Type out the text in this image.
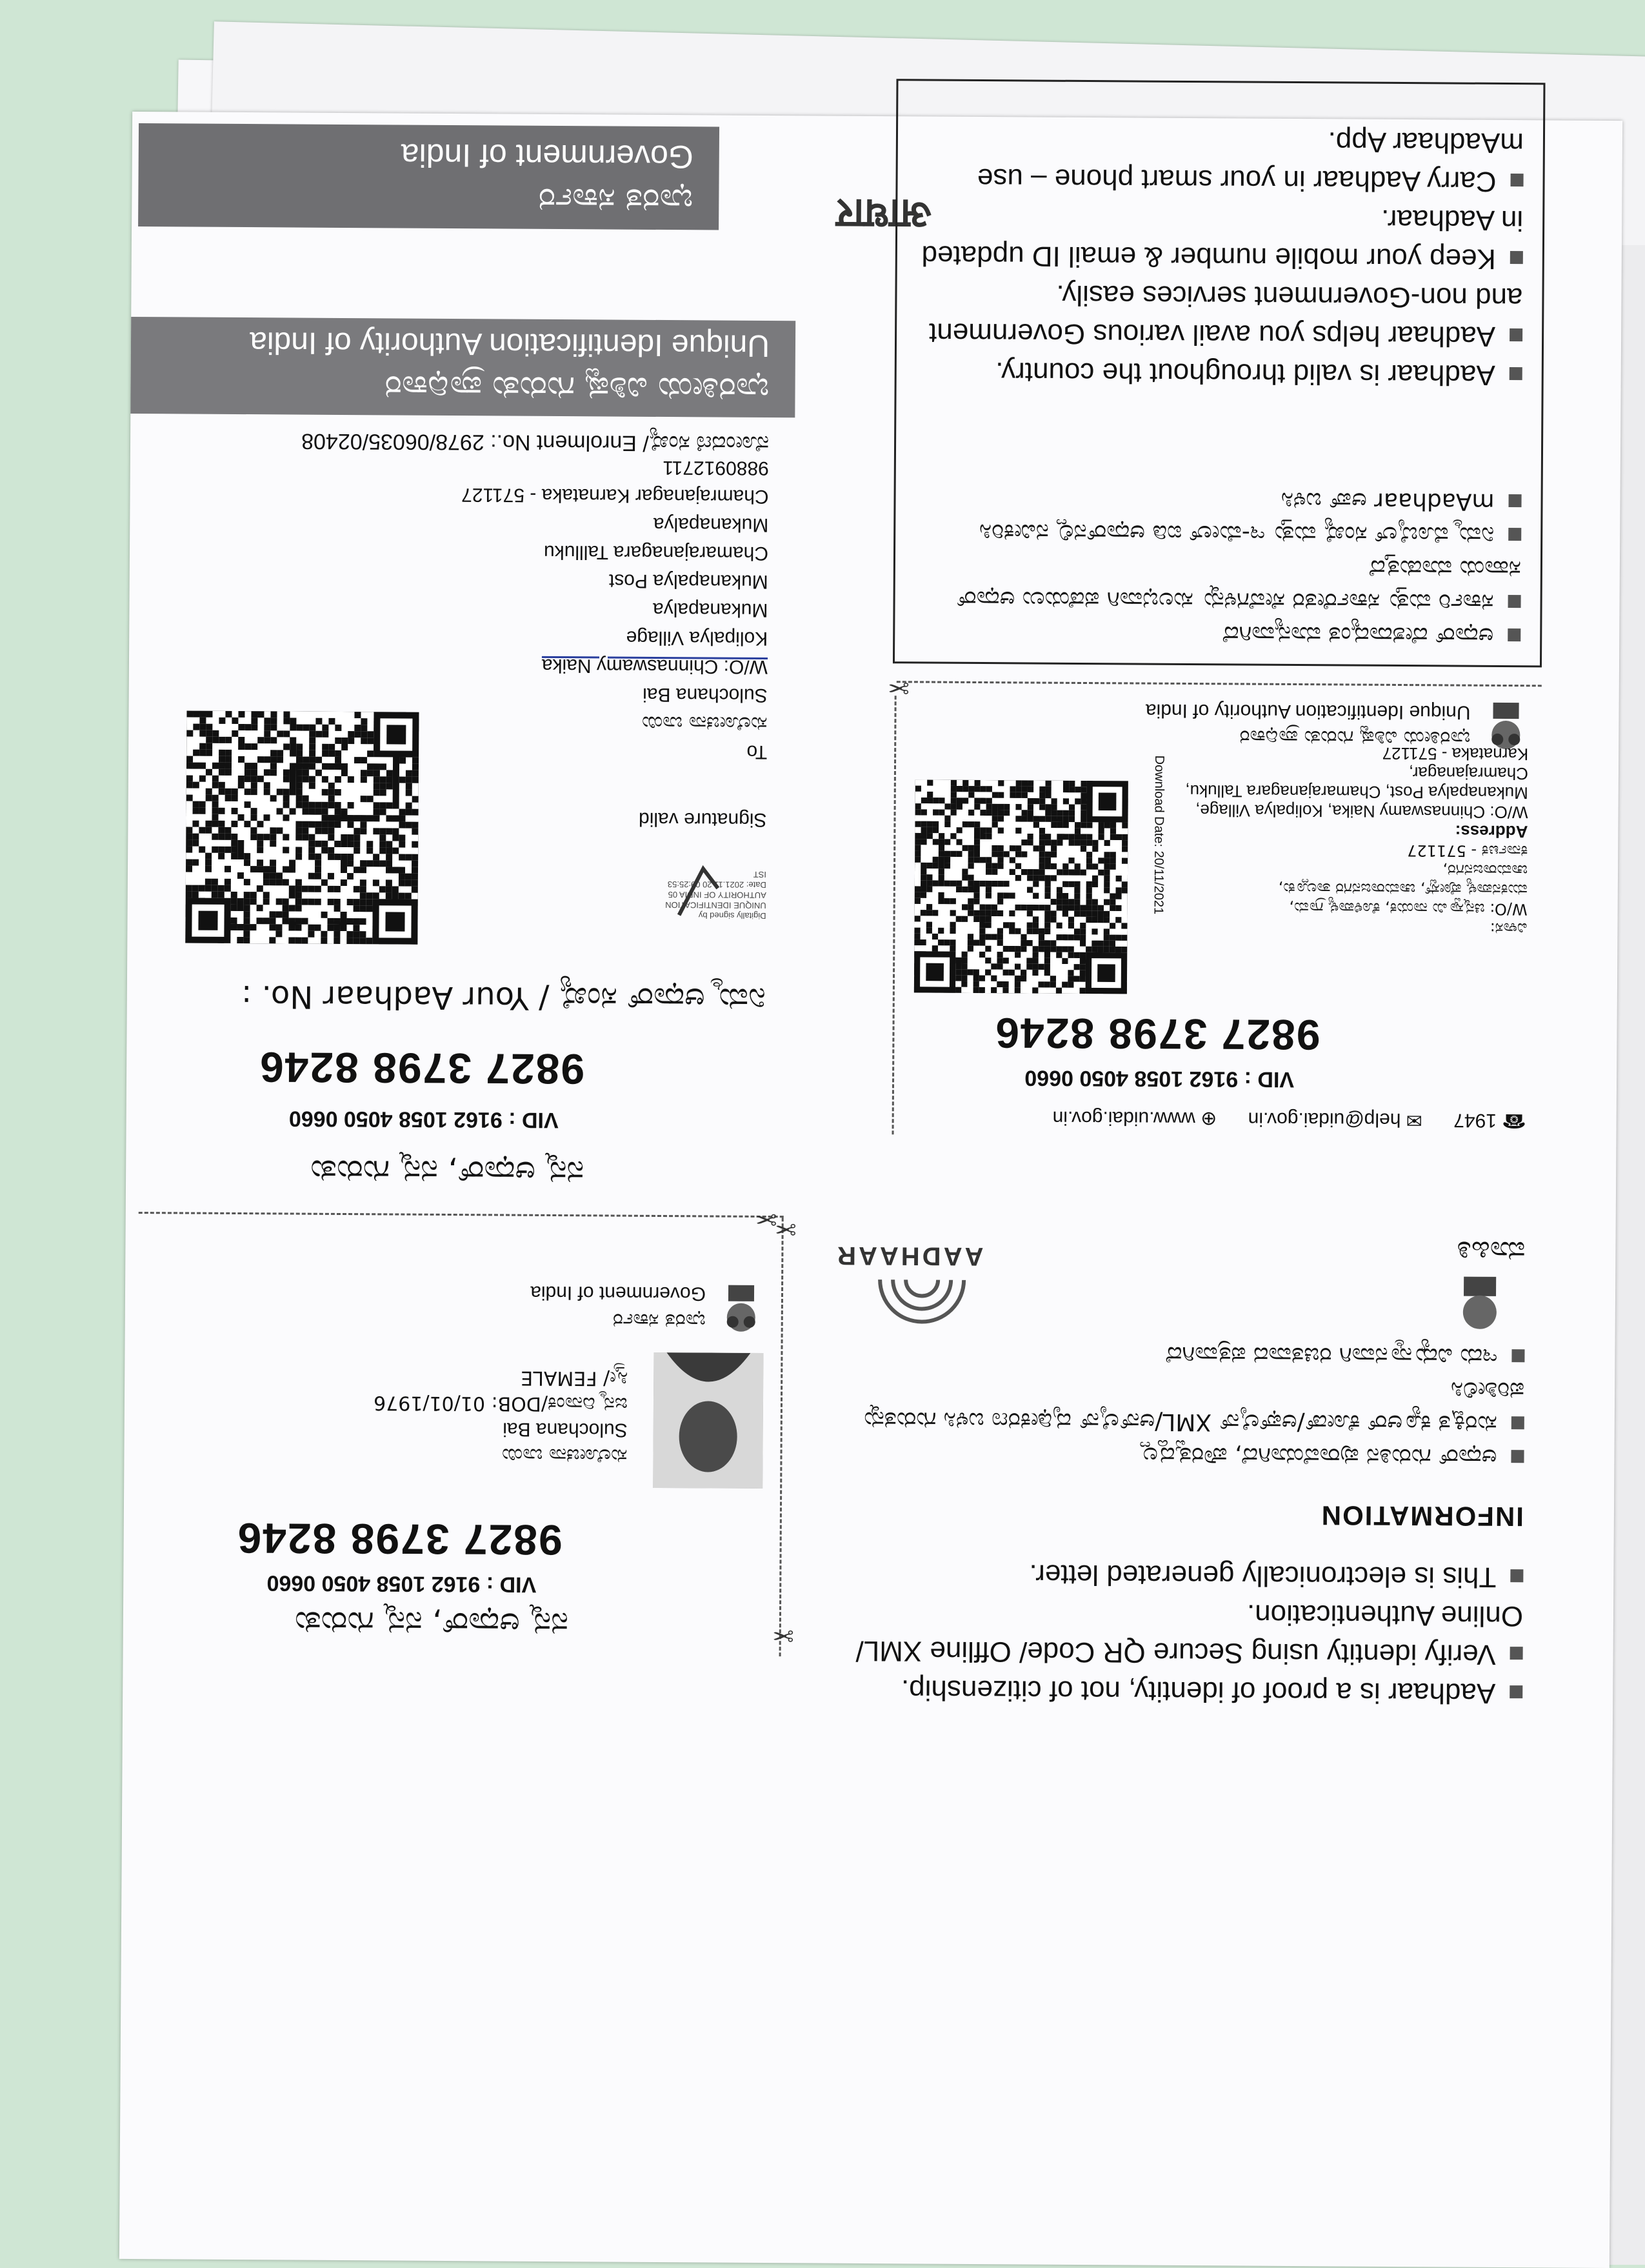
ಭಾರತ ಸರ್ಕಾರ
Government of India
आधार
ಭಾರತೀಯ ವಿಶಿಷ್ಟ ಗುರುತು ಪ್ರಾಧಿಕಾರ
Unique Identification Authority of India
ನೋಂದಣಿ ಸಂಖ್ಯೆ/ Enrolment No.: 2978/06035/02408
To
ಸುಲೋಚನಾ ಬಾಯಿ
Sulochana Bai
W/O: Chinnaswamy Naika
Kolipalya Village
Mukanapalya
Mukanapalya Post
Chamarajanagara Tallluku
Mukanapalya
Chamrajanagar Karnataka - 571127
9880912711
Signature valid
Digitally signed by
UNIQUE IDENTIFICATION
AUTHORITY OF INDIA 05
Date: 2021.11.20 09:25:53
IST
ನಿಮ್ಮ ಆಧಾರ್ ಸಂಖ್ಯೆ / Your Aadhaar No. :
9827 3798 8246
VID : 9162 1058 4050 0660
ನನ್ನ ಆಧಾರ್, ನನ್ನ ಗುರುತು
✂
ಭಾರತ ಸರ್ಕಾರ
Government of India
ಸುಲೋಚನಾ ಬಾಯಿ
Sulochana Bai
ಜನ್ಮ ದಿನಾಂಕ/DOB: 01/01/1976
ಸ್ತ್ರೀ/ FEMALE
9827 3798 8246
VID : 9162 1058 4050 0660
ನನ್ನ ಆಧಾರ್, ನನ್ನ ಗುರುತು
✂
✂
ಭಾರತೀಯ ವಿಶಿಷ್ಟ ಗುರುತು ಪ್ರಾಧಿಕಾರ
Unique Identification Authority of India
ವಿಳಾಸ:
W/O: ಚಿನ್ನಸ್ವಾಮಿ ನಾಯಕ, ಕೊಳಿಪಾಳ್ಯ ಗ್ರಾಮ,
ಮುಕನಪಾಳ್ಯ ಪೋಸ್ಟ್, ಚಾಮರಾಜನಗರ ತಾಲ್ಲೂಕು,
ಚಾಮರಾಜನಗರ,
ಕರ್ನಾಟಕ - 571127
Address:
W/O: Chinnaswamy Naika, Kolipalya Village,
Mukanapalya Post, Chamarajanagara Talluku,
Chamrajanagar,
Karnataka - 571127
Download Date: 20/11/2021
9827 3798 8246
VID : 9162 1058 4050 0660
☎ 1947 ✉ help@uidai.gov.in ⊕ www.uidai.gov.in
✂
ಆಧಾರ್ ದೇಶದಾದ್ಯಂತ ಮಾನ್ಯವಾಗಿದೆ
ಸರ್ಕಾರಿ ಮತ್ತು ಸರ್ಕಾರೇತರ ಸೇವೆಗಳನ್ನು ಸುಲಭವಾಗಿ ಪಡೆಯಲು ಆಧಾರ್ ಸಹಾಯ ಮಾಡುತ್ತದೆ
ನಿಮ್ಮ ಮೊಬೈಲ್ ಸಂಖ್ಯೆ ಮತ್ತು ಇ-ಮೇಲ್ ಐಡಿ ಆಧಾರ್‌ನಲ್ಲಿ ನವೀಕರಿಸಿ
mAadhaar ಆಪ್ ಬಳಸಿ
Aadhaar is valid throughout the country.
Aadhaar helps you avail various Government and non-Government services easily.
Keep your mobile number & email ID updated in Aadhaar.
Carry Aadhaar in your smart phone – use mAadhaar App.
ಮಾಹಿತಿ
ಆಧಾರ್ ಗುರುತಿನ ಪುರಾವೆಯಾಗಿದೆ, ಪೌರತ್ವದ್ದಲ್ಲ
ಸುರಕ್ಷಿತ ಕ್ಯೂಆರ್ ಕೋಡ್/ಆಫ್‌ಲೈನ್ XML/ಆನ್‌ಲೈನ್ ದೃಢೀಕರಣ ಬಳಸಿ ಗುರುತನ್ನು ಪರಿಶೀಲಿಸಿ
ಇದು ವಿದ್ಯುನ್ಮಾನವಾಗಿ ರಚಿತವಾದ ಪತ್ರವಾಗಿದೆ
INFORMATION
Aadhaar is a proof of identity, not of citizenship.
Verify identity using Secure QR Code/ Offline XML/ Online Authentication.
This is electronically generated letter.
AADHAAR
